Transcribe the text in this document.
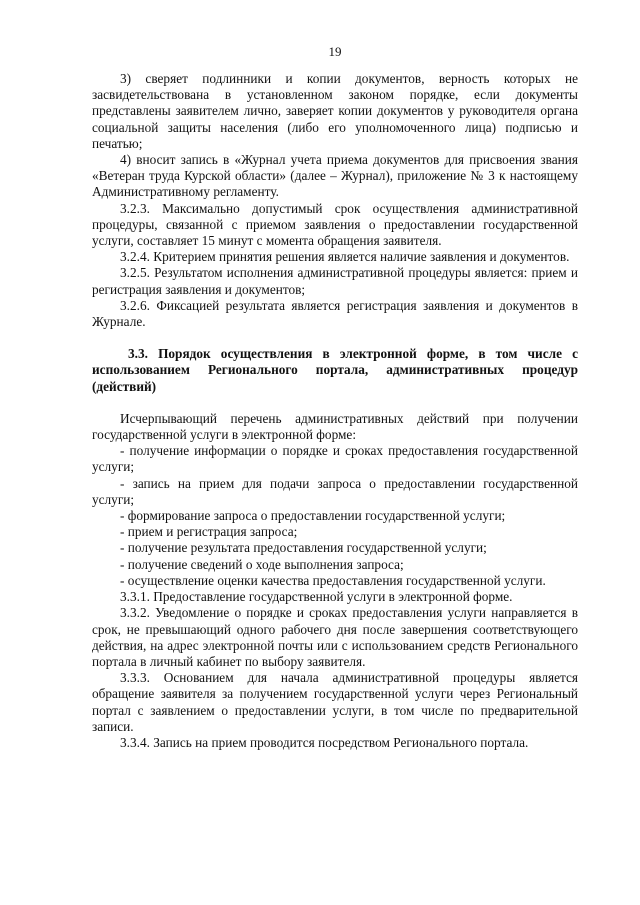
19

3) сверяет подлинники и копии документов, верность которых не засвидетельствована в установленном законом порядке, если документы представлены заявителем лично, заверяет копии документов у руководителя органа социальной защиты населения (либо его уполномоченного лица) подписью и печатью;

4) вносит запись в «Журнал учета приема документов для присвоения звания «Ветеран труда Курской области» (далее – Журнал), приложение № 3 к настоящему Административному регламенту.

3.2.3. Максимально допустимый срок осуществления административной процедуры, связанной с приемом заявления о предоставлении государственной услуги, составляет 15 минут с момента обращения заявителя.

3.2.4. Критерием принятия решения является наличие заявления и документов.

3.2.5. Результатом исполнения административной процедуры является: прием и регистрация заявления и документов;

3.2.6. Фиксацией результата является регистрация заявления и документов в Журнале.

3.3. Порядок осуществления в электронной форме, в том числе с использованием Регионального портала, административных процедур (действий)

Исчерпывающий перечень административных действий при получении государственной услуги в электронной форме:

- получение информации о порядке и сроках предоставления государственной услуги;

- запись на прием для подачи запроса о предоставлении государственной услуги;

- формирование запроса о предоставлении государственной услуги;

- прием и регистрация запроса;

- получение результата предоставления государственной услуги;

- получение сведений о ходе выполнения запроса;

- осуществление оценки качества предоставления государственной услуги.

3.3.1. Предоставление государственной услуги в электронной форме.

3.3.2. Уведомление о порядке и сроках предоставления услуги направляется в срок, не превышающий одного рабочего дня после завершения соответствующего действия, на адрес электронной почты или с использованием средств Регионального портала в личный кабинет по выбору заявителя.

3.3.3. Основанием для начала административной процедуры является обращение заявителя за получением государственной услуги через Региональный портал с заявлением о предоставлении услуги, в том числе по предварительной записи.

3.3.4. Запись на прием проводится посредством Регионального портала.
